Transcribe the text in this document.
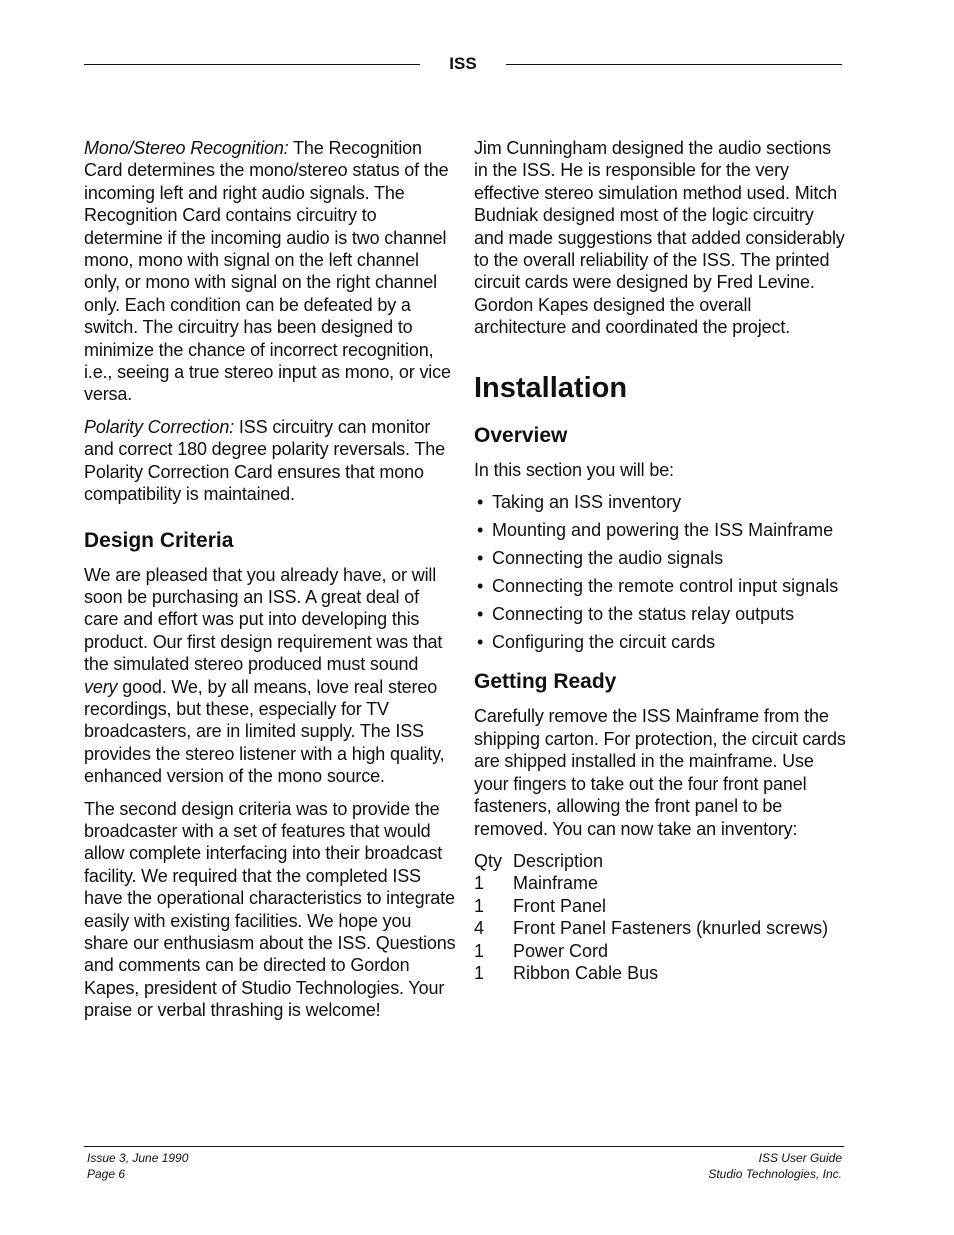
ISS

Mono/Stereo Recognition: The Recognition Card determines the mono/stereo status of the incoming left and right audio signals. The Recognition Card contains circuitry to determine if the incoming audio is two channel mono, mono with signal on the left channel only, or mono with signal on the right channel only. Each condition can be defeated by a switch. The circuitry has been designed to minimize the chance of incorrect recognition, i.e., seeing a true stereo input as mono, or vice versa.

Polarity Correction: ISS circuitry can monitor and correct 180 degree polarity reversals. The Polarity Correction Card ensures that mono compatibility is maintained.

Design Criteria

We are pleased that you already have, or will soon be purchasing an ISS. A great deal of care and effort was put into developing this product. Our first design requirement was that the simulated stereo produced must sound very good. We, by all means, love real stereo recordings, but these, especially for TV broadcasters, are in limited supply. The ISS provides the stereo listener with a high quality, enhanced version of the mono source.

The second design criteria was to provide the broadcaster with a set of features that would allow complete interfacing into their broadcast facility. We required that the completed ISS have the operational characteristics to integrate easily with existing facilities. We hope you share our enthusiasm about the ISS. Questions and comments can be directed to Gordon Kapes, president of Studio Technologies. Your praise or verbal thrashing is welcome!

Jim Cunningham designed the audio sections in the ISS. He is responsible for the very effective stereo simulation method used. Mitch Budniak designed most of the logic circuitry and made suggestions that added considerably to the overall reliability of the ISS. The printed circuit cards were designed by Fred Levine. Gordon Kapes designed the overall architecture and coordinated the project.

Installation
Overview

In this section you will be:

• Taking an ISS inventory
• Mounting and powering the ISS Mainframe
• Connecting the audio signals
• Connecting the remote control input signals
• Connecting to the status relay outputs
• Configuring the circuit cards
Getting Ready

Carefully remove the ISS Mainframe from the shipping carton. For protection, the circuit cards are shipped installed in the mainframe. Use your fingers to take out the four front panel fasteners, allowing the front panel to be removed. You can now take an inventory:

Qty	Description
1	Mainframe
1	Front Panel
4	Front Panel Fasteners (knurled screws)
1	Power Cord
1	Ribbon Cable Bus
Issue 3, June 1990
Page 6
ISS User Guide
Studio Technologies, Inc.
